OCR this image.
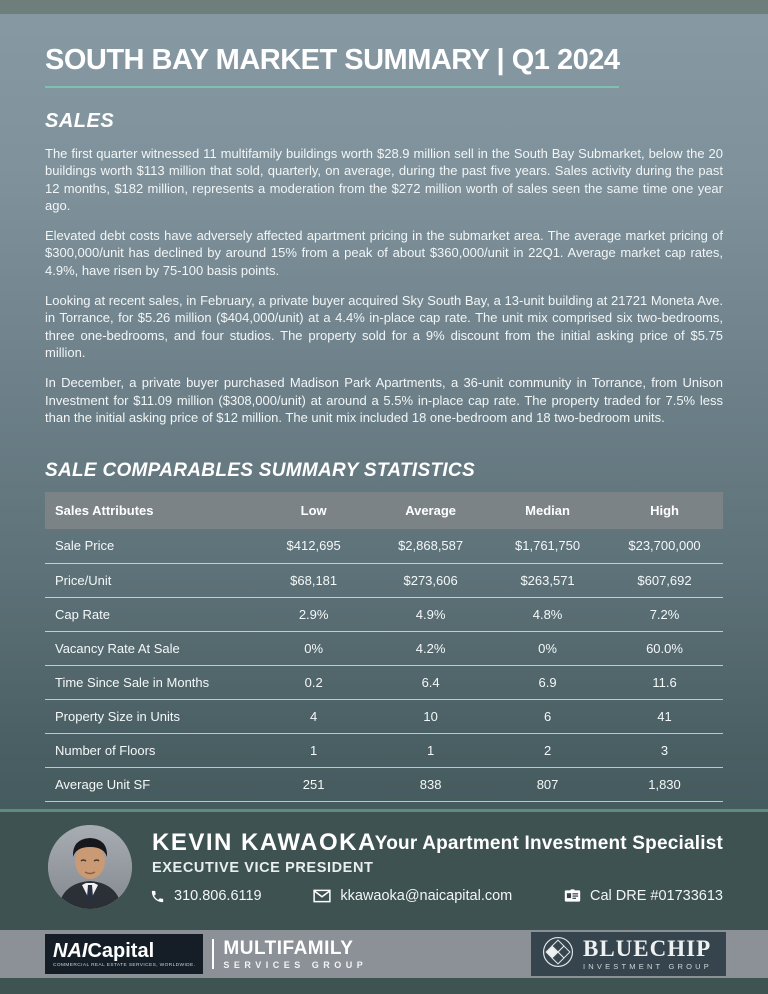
SOUTH BAY MARKET SUMMARY | Q1 2024
SALES

The first quarter witnessed 11 multifamily buildings worth $28.9 million sell in the South Bay Submarket, below the 20 buildings worth $113 million that sold, quarterly, on average, during the past five years. Sales activity during the past 12 months, $182 million, represents a moderation from the $272 million worth of sales seen the same time one year ago.

Elevated debt costs have adversely affected apartment pricing in the submarket area. The average market pricing of $300,000/unit has declined by around 15% from a peak of about $360,000/unit in 22Q1. Average market cap rates, 4.9%, have risen by 75-100 basis points.

Looking at recent sales, in February, a private buyer acquired Sky South Bay, a 13-unit building at 21721 Moneta Ave. in Torrance, for $5.26 million ($404,000/unit) at a 4.4% in-place cap rate. The unit mix comprised six two-bedrooms, three one-bedrooms, and four studios. The property sold for a 9% discount from the initial asking price of $5.75 million.

In December, a private buyer purchased Madison Park Apartments, a 36-unit community in Torrance, from Unison Investment for $11.09 million ($308,000/unit) at around a 5.5% in-place cap rate. The property traded for 7.5% less than the initial asking price of $12 million. The unit mix included 18 one-bedroom and 18 two-bedroom units.

SALE COMPARABLES SUMMARY STATISTICS
Sales Attributes	Low	Average	Median	High
Sale Price	$412,695	$2,868,587	$1,761,750	$23,700,000
Price/Unit	$68,181	$273,606	$263,571	$607,692
Cap Rate	2.9%	4.9%	4.8%	7.2%
Vacancy Rate At Sale	0%	4.2%	0%	60.0%
Time Since Sale in Months	0.2	6.4	6.9	11.6
Property Size in Units	4	10	6	41
Number of Floors	1	1	2	3
Average Unit SF	251	838	807	1,830

KEVIN KAWAOKA
EXECUTIVE VICE PRESIDENT
Your Apartment Investment Specialist
310.806.6119	kkawaoka@naicapital.com	Cal DRE #01733613
NAICapital
COMMERCIAL REAL ESTATE SERVICES, WORLDWIDE.
MULTIFAMILY
SERVICES GROUP
BLUECHIP
INVESTMENT GROUP
